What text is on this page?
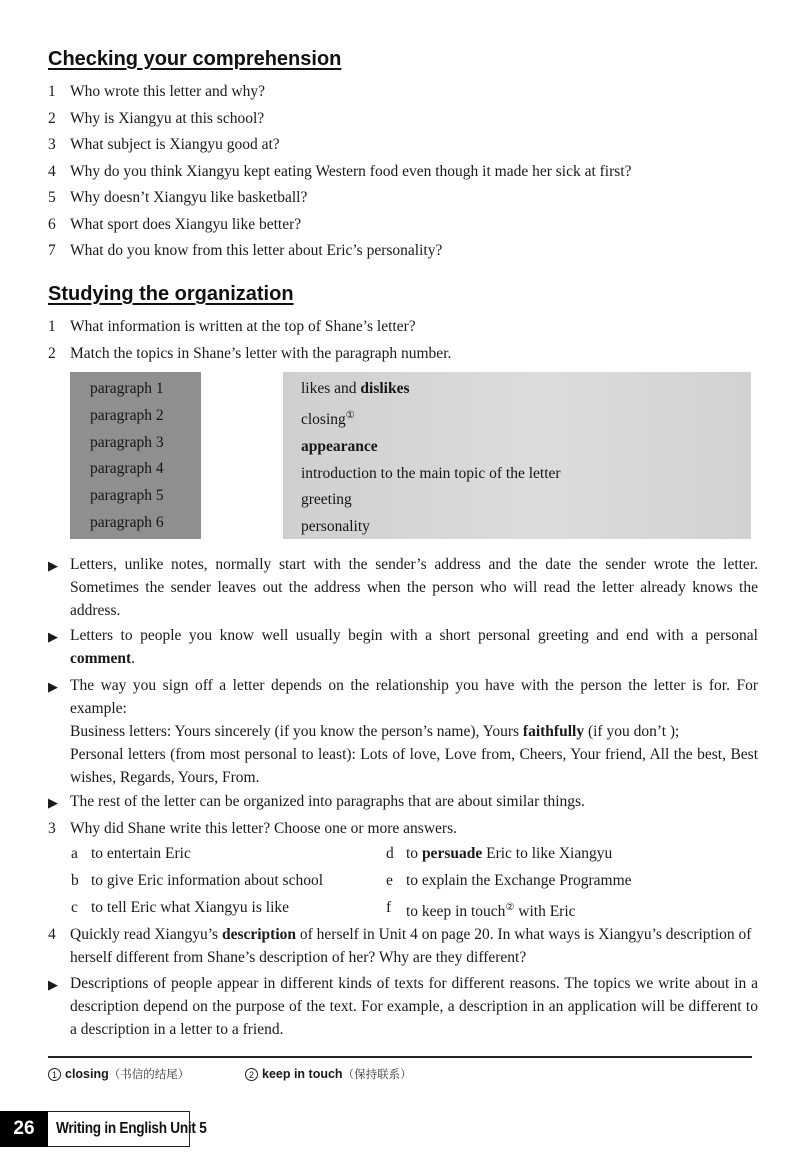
Checking your comprehension
1 Who wrote this letter and why?
2 Why is Xiangyu at this school?
3 What subject is Xiangyu good at?
4 Why do you think Xiangyu kept eating Western food even though it made her sick at first?
5 Why doesn’t Xiangyu like basketball?
6 What sport does Xiangyu like better?
7 What do you know from this letter about Eric’s personality?
Studying the organization
1 What information is written at the top of Shane’s letter?
2 Match the topics in Shane’s letter with the paragraph number.
paragraph 1
paragraph 2
paragraph 3
paragraph 4
paragraph 5
paragraph 6
likes and dislikes
closing①
appearance
introduction to the main topic of the letter
greeting
personality
▶ Letters, unlike notes, normally start with the sender’s address and the date the sender wrote the letter. Sometimes the sender leaves out the address when the person who will read the letter already knows the address.
▶ Letters to people you know well usually begin with a short personal greeting and end with a personal comment.
▶ The way you sign off a letter depends on the relationship you have with the person the letter is for. For example:

Business letters: Yours sincerely (if you know the person’s name), Yours faithfully (if you don’t );

Personal letters (from most personal to least): Lots of love, Love from, Cheers, Your friend, All the best, Best wishes, Regards, Yours, From.

▶ The rest of the letter can be organized into paragraphs that are about similar things.
3 Why did Shane write this letter? Choose one or more answers.
a to entertain Eric
b to give Eric information about school
c to tell Eric what Xiangyu is like
d to persuade Eric to like Xiangyu
e to explain the Exchange Programme
f to keep in touch② with Eric
4 Quickly read Xiangyu’s description of herself in Unit 4 on page 20. In what ways is Xiangyu’s description of herself different from Shane’s description of her? Why are they different?
▶ Descriptions of people appear in different kinds of texts for different reasons. The topics we write about in a description depend on the purpose of the text. For example, a description in an application will be different to a description in a letter to a friend.
1 closing （书信的结尾）	2 keep in touch （保持联系）
26	Writing in English Unit 5
